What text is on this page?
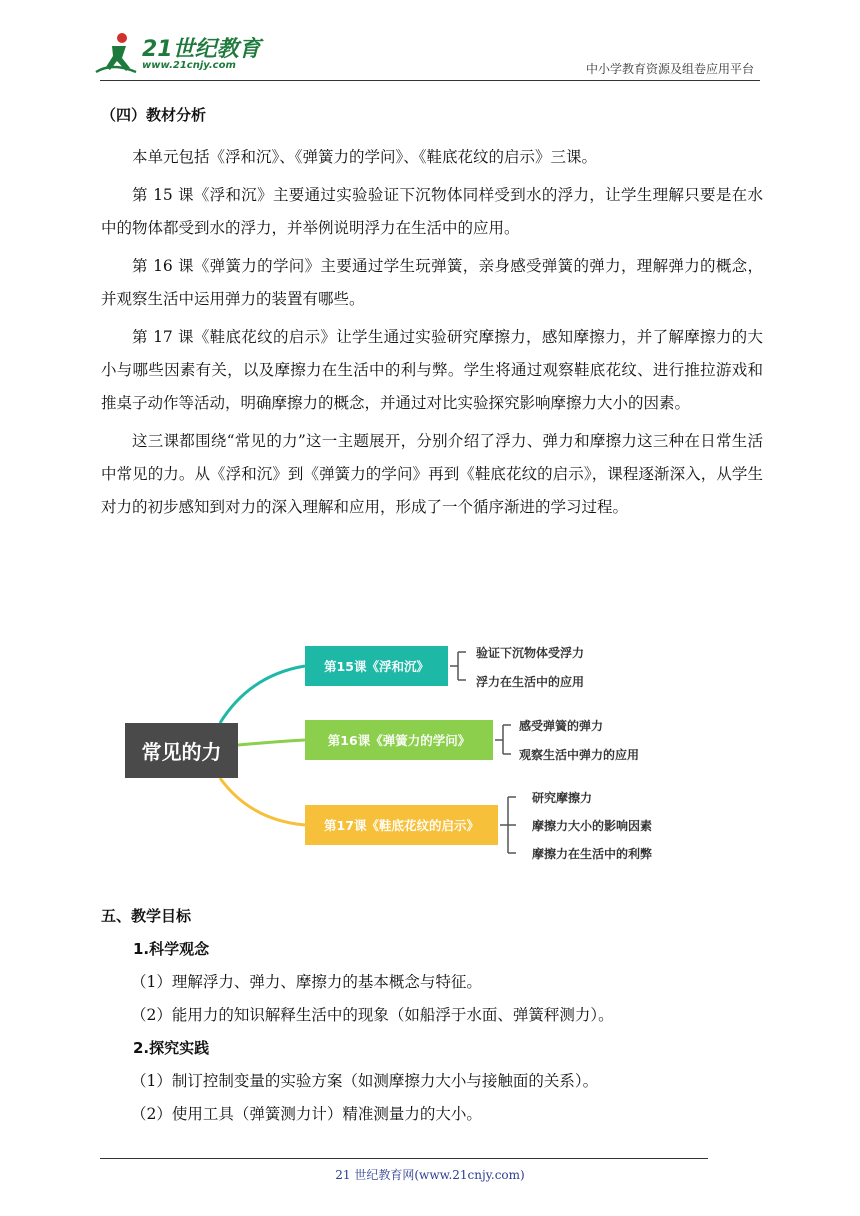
21世纪教育
www.21cnjy.com	中小学教育资源及组卷应用平台

（四）教材分析

本单元包括《浮和沉》、《弹簧力的学问》、《鞋底花纹的启示》三课。

第 15 课《浮和沉》主要通过实验验证下沉物体同样受到水的浮力，让学生理解只要是在水中的物体都受到水的浮力，并举例说明浮力在生活中的应用。

第 16 课《弹簧力的学问》主要通过学生玩弹簧，亲身感受弹簧的弹力，理解弹力的概念，并观察生活中运用弹力的装置有哪些。

第 17 课《鞋底花纹的启示》让学生通过实验研究摩擦力，感知摩擦力，并了解摩擦力的大小与哪些因素有关，以及摩擦力在生活中的利与弊。学生将通过观察鞋底花纹、进行推拉游戏和推桌子动作等活动，明确摩擦力的概念，并通过对比实验探究影响摩擦力大小的因素。

这三课都围绕“常见的力”这一主题展开，分别介绍了浮力、弹力和摩擦力这三种在日常生活中常见的力。从《浮和沉》到《弹簧力的学问》再到《鞋底花纹的启示》，课程逐渐深入，从学生对力的初步感知到对力的深入理解和应用，形成了一个循序渐进的学习过程。

常见的力
第15课《浮和沉》
验证下沉物体受浮力
浮力在生活中的应用
第16课《弹簧力的学问》
感受弹簧的弹力
观察生活中弹力的应用
第17课《鞋底花纹的启示》
研究摩擦力
摩擦力大小的影响因素
摩擦力在生活中的利弊
五、教学目标
1.科学观念

（1）理解浮力、弹力、摩擦力的基本概念与特征。

（2）能用力的知识解释生活中的现象（如船浮于水面、弹簧秤测力）。

2.探究实践

（1）制订控制变量的实验方案（如测摩擦力大小与接触面的关系）。

（2）使用工具（弹簧测力计）精准测量力的大小。

21 世纪教育网(www.21cnjy.com)
